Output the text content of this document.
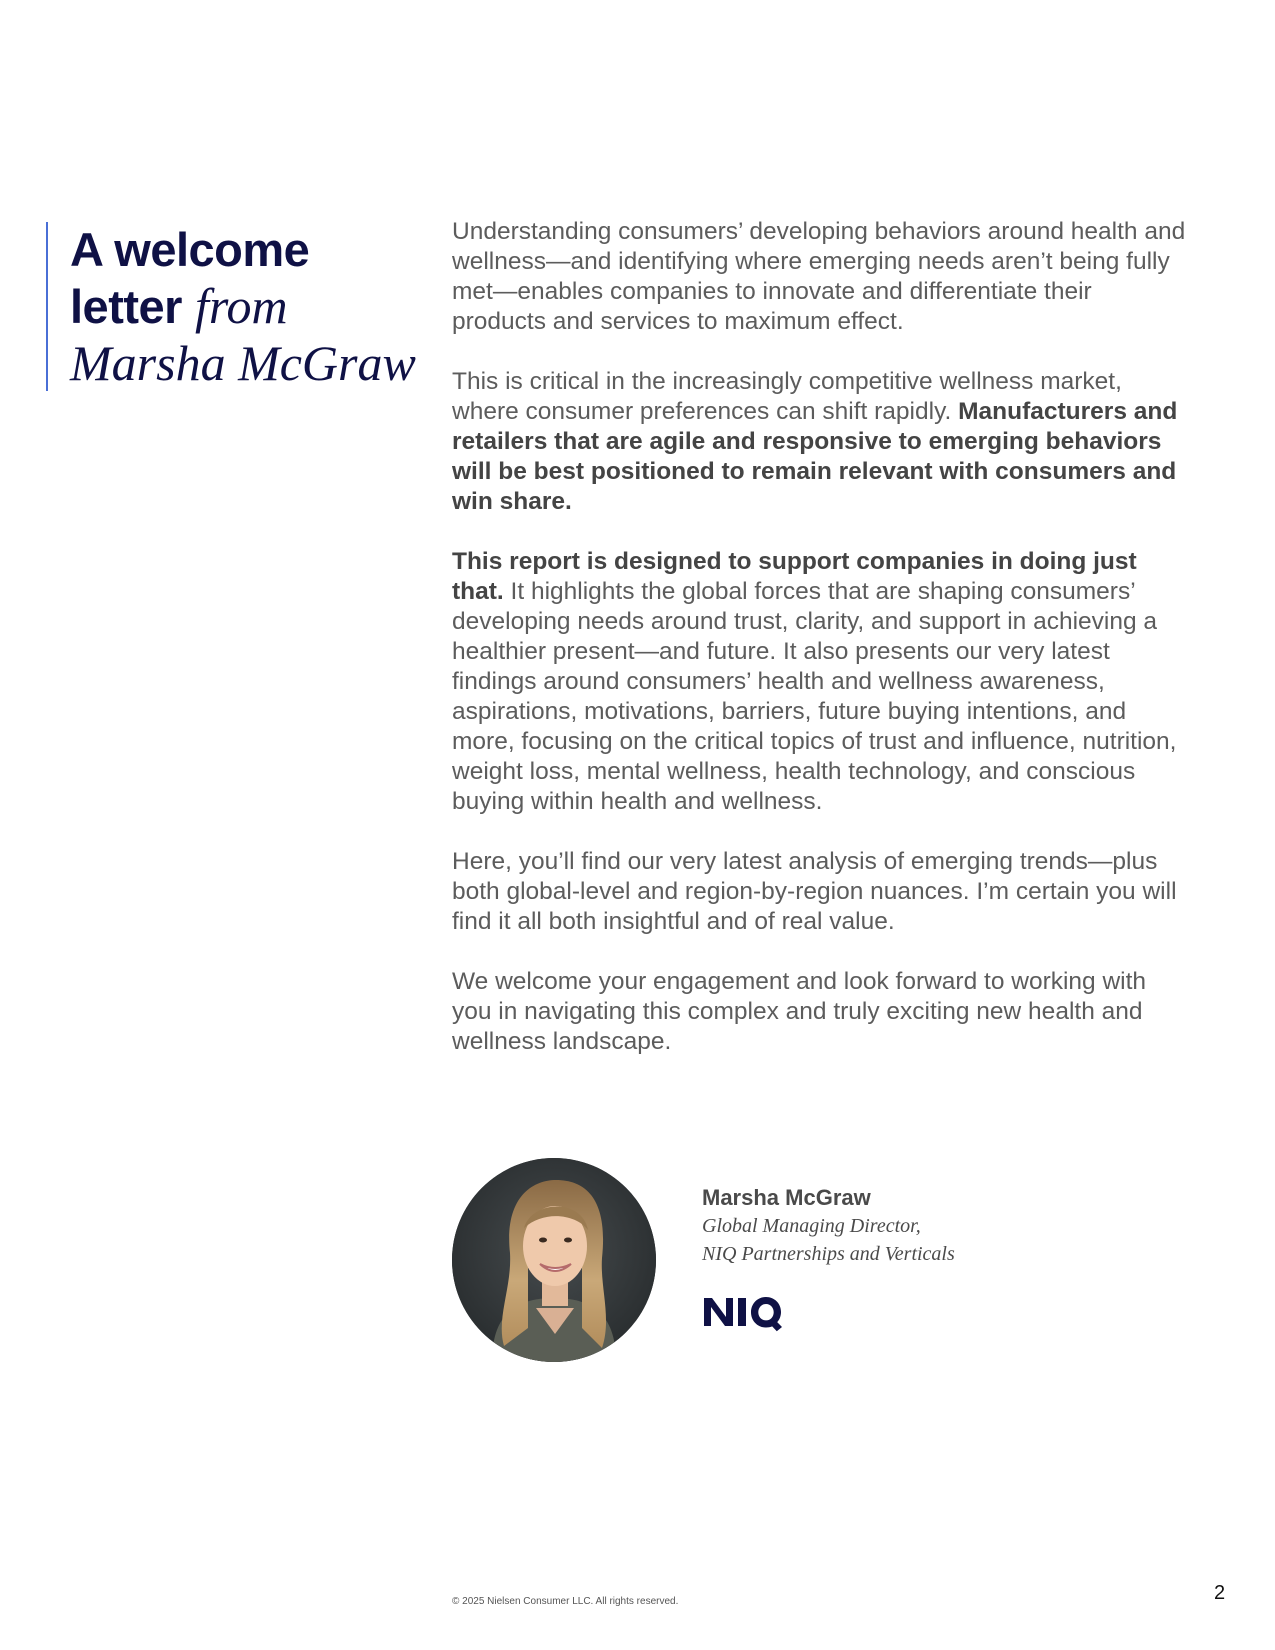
A welcome
letter from
Marsha McGraw

Understanding consumers’ developing behaviors around health and wellness—and identifying where emerging needs aren’t being fully met—enables companies to innovate and differentiate their products and services to maximum effect.

This is critical in the increasingly competitive wellness market, where consumer preferences can shift rapidly. Manufacturers and retailers that are agile and responsive to emerging behaviors will be best positioned to remain relevant with consumers and win share.

This report is designed to support companies in doing just that. It highlights the global forces that are shaping consumers’ developing needs around trust, clarity, and support in achieving a healthier present—and future. It also presents our very latest findings around consumers’ health and wellness awareness, aspirations, motivations, barriers, future buying intentions, and more, focusing on the critical topics of trust and influence, nutrition, weight loss, mental wellness, health technology, and conscious buying within health and wellness.

Here, you’ll find our very latest analysis of emerging trends—plus both global-level and region-by-region nuances. I’m certain you will find it all both insightful and of real value.

We welcome your engagement and look forward to working with you in navigating this complex and truly exciting new health and wellness landscape.

Marsha McGraw
Global Managing Director,
NIQ Partnerships and Verticals
© 2025 Nielsen Consumer LLC. All rights reserved.	2
